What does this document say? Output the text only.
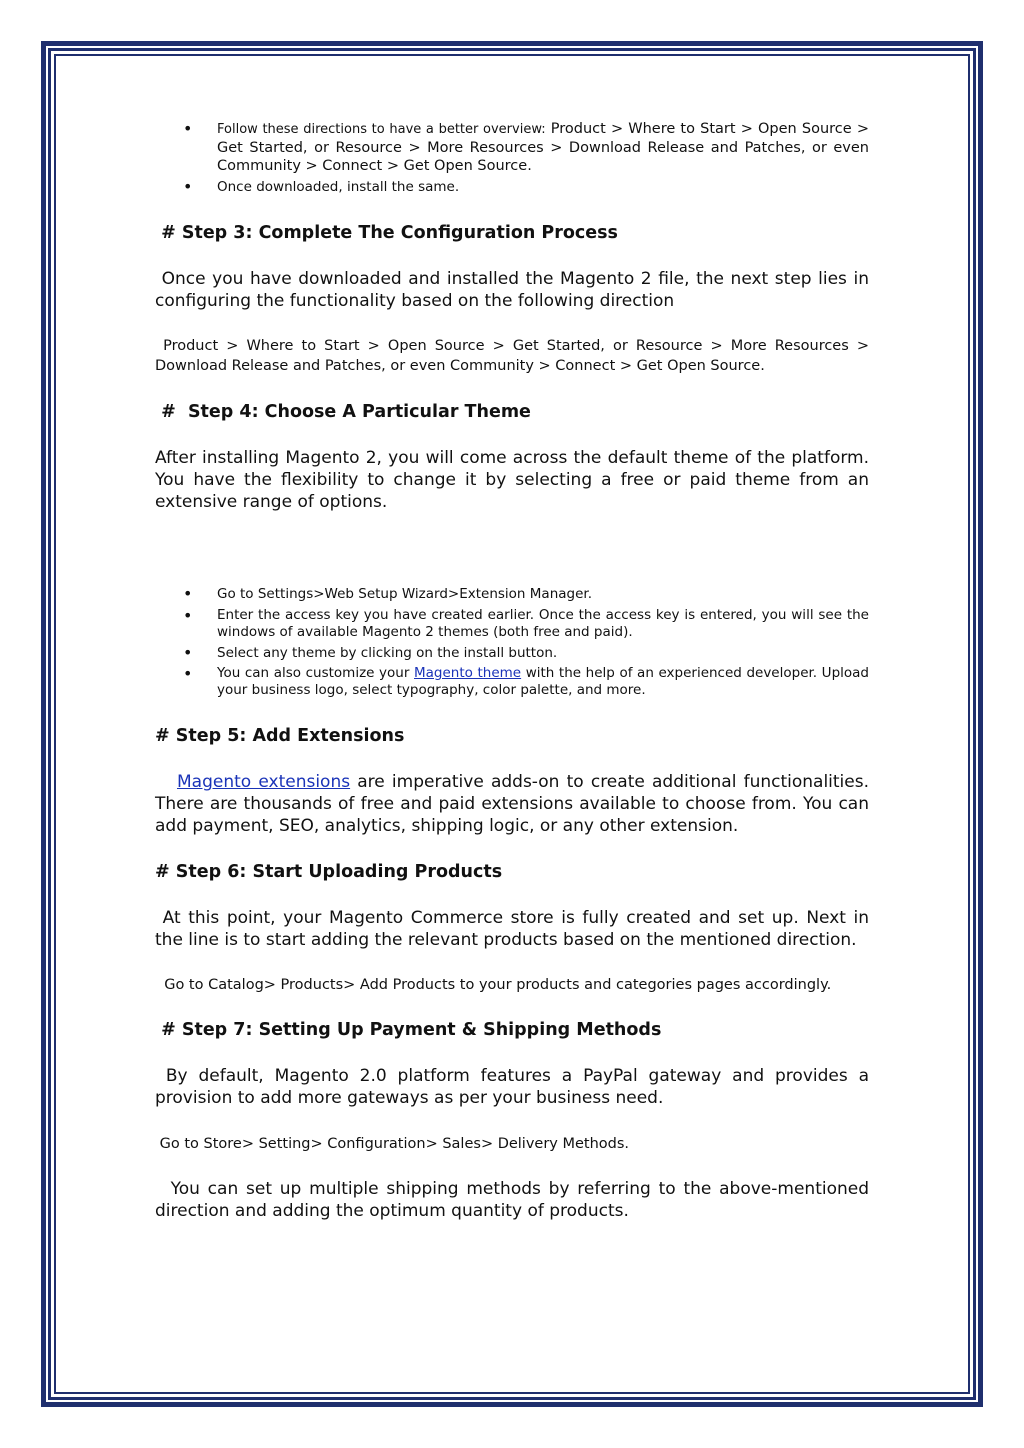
• Follow these directions to have a better overview: Product > Where to Start > Open Source > Get Started, or Resource > More Resources > Download Release and Patches, or even Community > Connect > Get Open Source.
• Once downloaded, install the same.
# Step 3: Complete The Configuration Process

Once you have downloaded and installed the Magento 2 file, the next step lies in configuring the functionality based on the following direction

Product > Where to Start > Open Source > Get Started, or Resource > More Resources > Download Release and Patches, or even Community > Connect > Get Open Source.

#  Step 4: Choose A Particular Theme

After installing Magento 2, you will come across the default theme of the platform. You have the flexibility to change it by selecting a free or paid theme from an extensive range of options.

• Go to Settings>Web Setup Wizard>Extension Manager.
• Enter the access key you have created earlier. Once the access key is entered, you will see the windows of available Magento 2 themes (both free and paid).
• Select any theme by clicking on the install button.
• You can also customize your Magento theme with the help of an experienced developer. Upload your business logo, select typography, color palette, and more.
# Step 5: Add Extensions

Magento extensions are imperative adds-on to create additional functionalities. There are thousands of free and paid extensions available to choose from. You can add payment, SEO, analytics, shipping logic, or any other extension.

# Step 6: Start Uploading Products

At this point, your Magento Commerce store is fully created and set up. Next in the line is to start adding the relevant products based on the mentioned direction.

Go to Catalog> Products> Add Products to your products and categories pages accordingly.

# Step 7: Setting Up Payment & Shipping Methods

By default, Magento 2.0 platform features a PayPal gateway and provides a provision to add more gateways as per your business need.

Go to Store> Setting> Configuration> Sales> Delivery Methods.

You can set up multiple shipping methods by referring to the above-mentioned direction and adding the optimum quantity of products.
